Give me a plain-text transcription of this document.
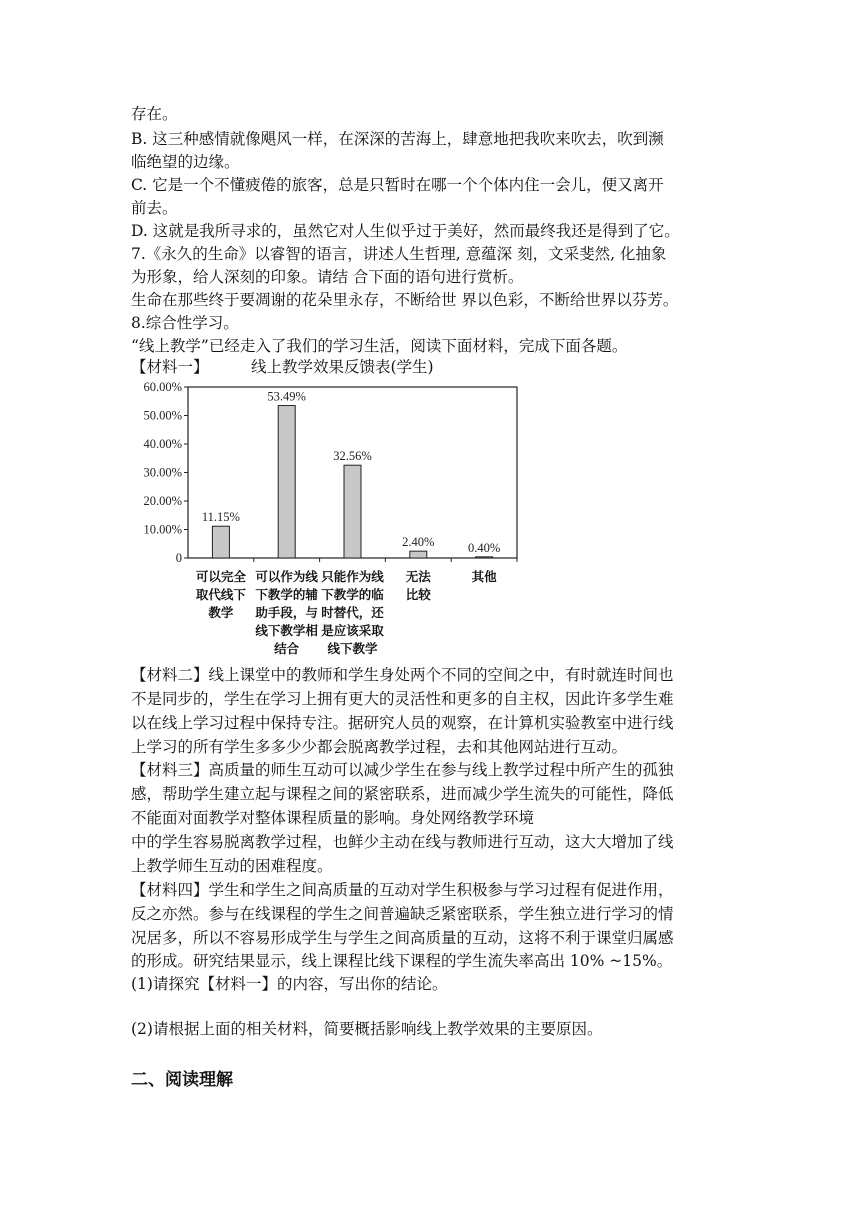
存在。
B. 这三种感情就像飓风一样，在深深的苦海上，肆意地把我吹来吹去，吹到濒
临绝望的边缘。
C. 它是一个不懂疲倦的旅客，总是只暂时在哪一个个体内住一会儿，便又离开
前去。
D. 这就是我所寻求的，虽然它对人生似乎过于美好，然而最终我还是得到了它。
7.《永久的生命》以睿智的语言，讲述人生哲理, 意蕴深 刻，文采斐然, 化抽象
为形象，给人深刻的印象。请结 合下面的语句进行赏析。
生命在那些终于要凋谢的花朵里永存，不断给世 界以色彩，不断给世界以芬芳。
8.综合性学习。
“线上教学”已经走入了我们的学习生活，阅读下面材料，完成下面各题。
【材料一】	线上教学效果反馈表(学生)
0
10.00%
20.00%
30.00%
40.00%
50.00%
60.00%
11.15%
53.49%
32.56%
2.40%	0.40%
可以完全
取代线下
教学
可以作为线
下教学的辅
助手段，与
线下教学相
结合
只能作为线
下教学的临
时替代，还
是应该采取
线下教学
无法
比较
其他
【材料二】线上课堂中的教师和学生身处两个不同的空间之中，有时就连时间也
不是同步的，学生在学习上拥有更大的灵活性和更多的自主权，因此许多学生难
以在线上学习过程中保持专注。据研究人员的观察，在计算机实验教室中进行线
上学习的所有学生多多少少都会脱离教学过程，去和其他网站进行互动。
【材料三】高质量的师生互动可以减少学生在参与线上教学过程中所产生的孤独
感，帮助学生建立起与课程之间的紧密联系，进而减少学生流失的可能性，降低
不能面对面教学对整体课程质量的影响。身处网络教学环境
中的学生容易脱离教学过程，也鲜少主动在线与教师进行互动，这大大增加了线
上教学师生互动的困难程度。
【材料四】学生和学生之间高质量的互动对学生积极参与学习过程有促进作用，
反之亦然。参与在线课程的学生之间普遍缺乏紧密联系，学生独立进行学习的情
况居多，所以不容易形成学生与学生之间高质量的互动，这将不利于课堂归属感
的形成。研究结果显示，线上课程比线下课程的学生流失率高出 10% ~15%。
(1)请探究【材料一】的内容，写出你的结论。
(2)请根据上面的相关材料，简要概括影响线上教学效果的主要原因。
二、阅读理解
